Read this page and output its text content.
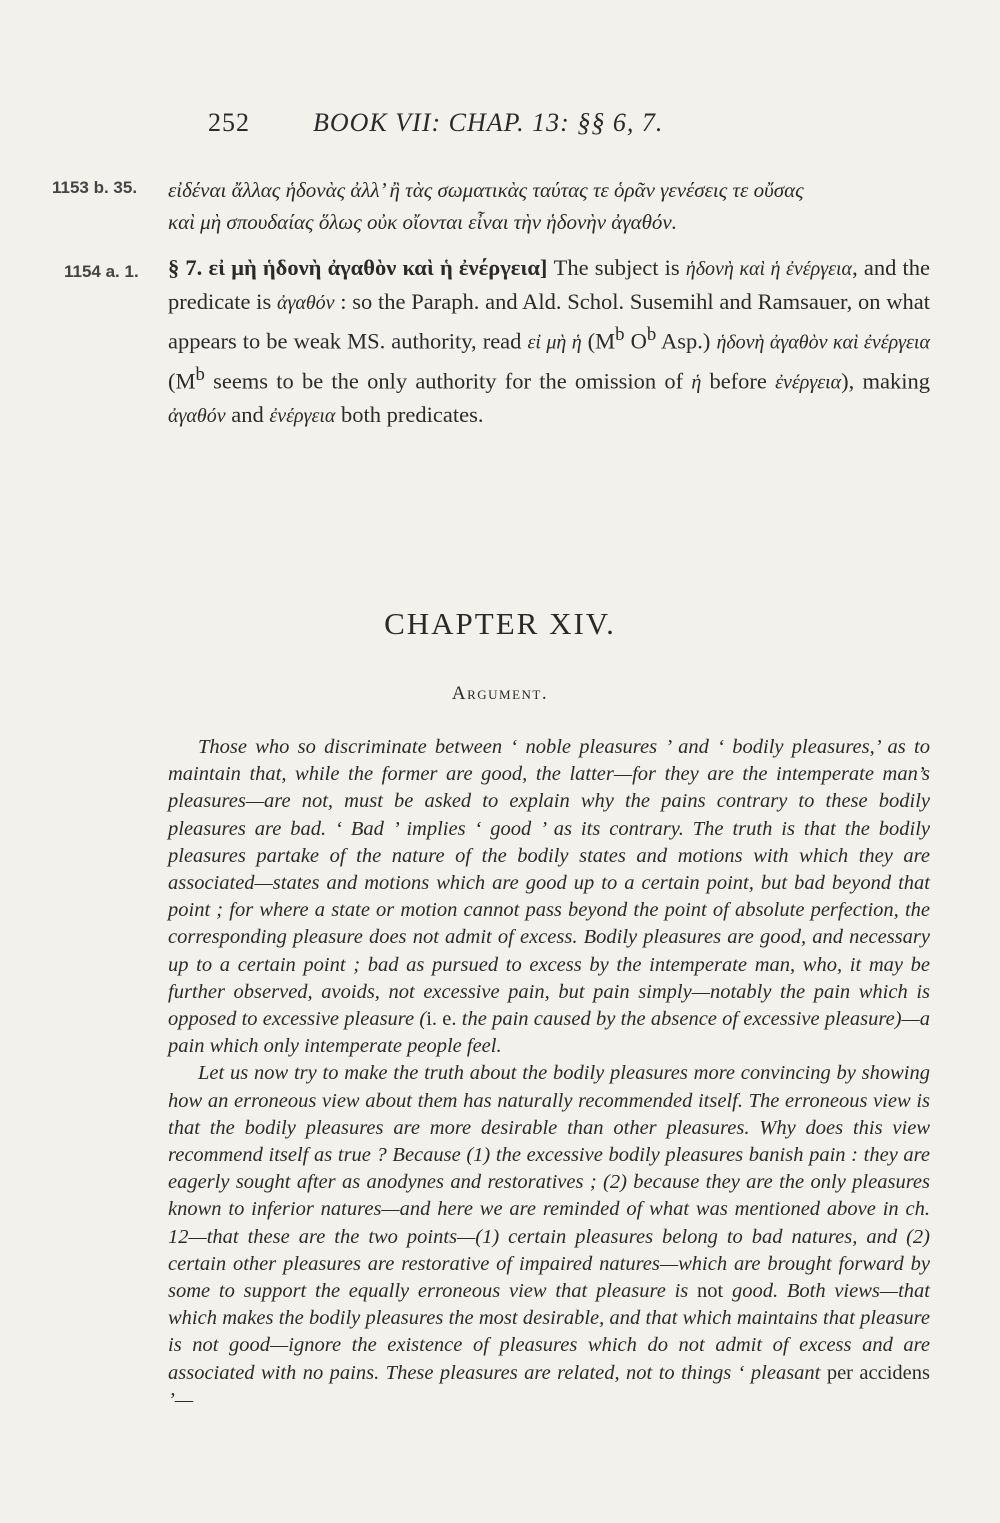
252 BOOK VII: CHAP. 13: §§ 6, 7.
1153 b. 35. εἰδέναι ἄλλας ἡδονὰς ἀλλ’ ἢ τὰς σωματικὰς ταύτας τε ὁρᾶν γενέσεις τε οὔσας
καὶ μὴ σπουδαίας ὅλως οὐκ οἴονται εἶναι τὴν ἡδονὴν ἀγαθόν.
1154 a. 1. § 7. εἰ μὴ ἡδονὴ ἀγαθὸν καὶ ἡ ἐνέργεια] The subject is ἡδονὴ καὶ ἡ ἐνέργεια, and the predicate is ἀγαθόν : so the Paraph. and Ald. Schol. Susemihl and Ramsauer, on what appears to be weak MS. authority, read εἰ μὴ ἡ ($M^b$ $O^b$ Asp.) ἡδονὴ ἀγαθὸν καὶ ἐνέργεια ($M^b$ seems to be the only authority for the omission of ἡ before ἐνέργεια), making ἀγαθόν and ἐνέργεια both predicates.
CHAPTER XIV.
Argument.

Those who so discriminate between ‘ noble pleasures ’ and ‘ bodily pleasures,’ as to maintain that, while the former are good, the latter—for they are the intemperate man’s pleasures—are not, must be asked to explain why the pains contrary to these bodily pleasures are bad. ‘ Bad ’ implies ‘ good ’ as its contrary. The truth is that the bodily pleasures partake of the nature of the bodily states and motions with which they are associated—states and motions which are good up to a certain point, but bad beyond that point ; for where a state or motion cannot pass beyond the point of absolute perfection, the corresponding pleasure does not admit of excess. Bodily pleasures are good, and necessary up to a certain point ; bad as pursued to excess by the intemperate man, who, it may be further observed, avoids, not excessive pain, but pain simply—notably the pain which is opposed to excessive pleasure (i. e. the pain caused by the absence of excessive pleasure)—a pain which only intemperate people feel.

Let us now try to make the truth about the bodily pleasures more convincing by showing how an erroneous view about them has naturally recommended itself. The erroneous view is that the bodily pleasures are more desirable than other pleasures. Why does this view recommend itself as true ? Because (1) the excessive bodily pleasures banish pain : they are eagerly sought after as anodynes and restoratives ; (2) because they are the only pleasures known to inferior natures—and here we are reminded of what was mentioned above in ch. 12—that these are the two points—(1) certain pleasures belong to bad natures, and (2) certain other pleasures are restorative of impaired natures—which are brought forward by some to support the equally erroneous view that pleasure is not good. Both views—that which makes the bodily pleasures the most desirable, and that which maintains that pleasure is not good—ignore the existence of pleasures which do not admit of excess and are associated with no pains. These pleasures are related, not to things ‘ pleasant per accidens ’—
